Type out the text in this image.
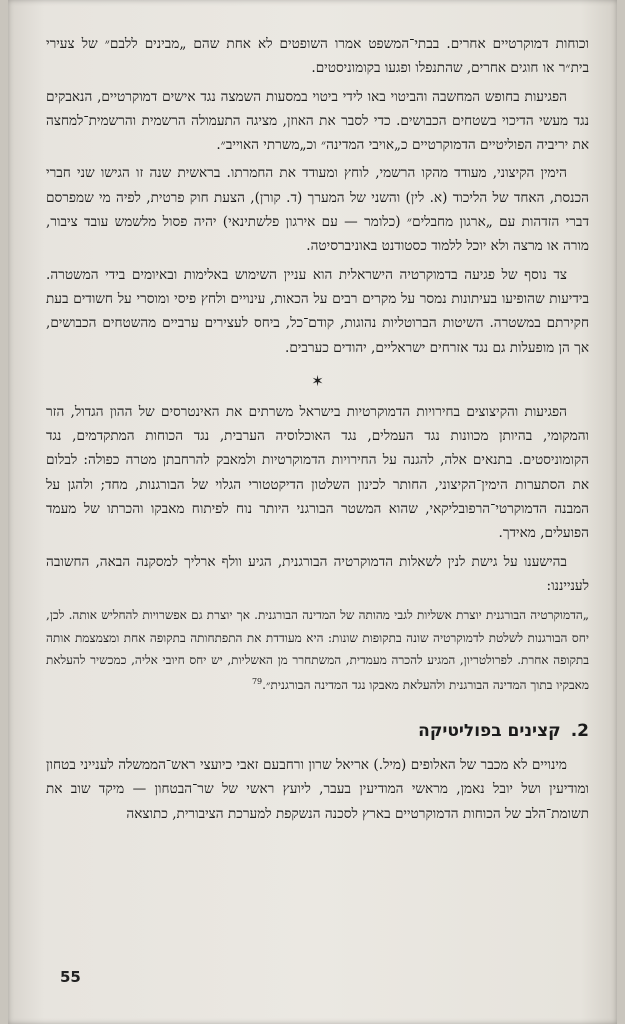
וכוחות דמוקרטיים אחרים. בבתי־המשפט אמרו השופטים לא אחת שהם „מבינים ללבם״ של צעירי בית״ר או חוגים אחרים, שהתנפלו ופגעו בקומוניסטים.

הפגיעות בחופש המחשבה והביטוי באו לידי ביטוי במסעות השמצה נגד אישים דמוקרטיים, הנאבקים נגד מעשי הדיכוי בשטחים הכבושים. כדי לסבר את האוזן, מציגה התעמולה הרשמית והרשמית־למחצה את יריביה הפוליטיים הדמוקרטיים כ„אויבי המדינה״ וכ„משרתי האוייב״.

הימין הקיצוני, מעודד מהקו הרשמי, לוחץ ומעודד את החמרתו. בראשית שנה זו הגישו שני חברי הכנסת, האחד של הליכוד (א. לין) והשני של המערך (ד. קורן), הצעת חוק פרטית, לפיה מי שמפרסם דברי הזדהות עם „ארגון מחבלים״ (כלומר — עם אירגון פלשתינאי) יהיה פסול מלשמש עובד ציבור, מורה או מרצה ולא יוכל ללמוד כסטודנט באוניברסיטה.

צד נוסף של פגיעה בדמוקרטיה הישראלית הוא עניין השימוש באלימות ובאיומים בידי המשטרה. בידיעות שהופיעו בעיתונות נמסר על מקרים רבים על הכאות, עינויים ולחץ פיסי ומוסרי על חשודים בעת חקירתם במשטרה. השיטות הברוטליות נהוגות, קודם־כל, ביחס לעצירים ערביים מהשטחים הכבושים, אך הן מופעלות גם נגד אזרחים ישראליים, יהודים כערבים.

✶

הפגיעות והקיצוצים בחירויות הדמוקרטיות בישראל משרתים את האינטרסים של ההון הגדול, הזר והמקומי, בהיותן מכוונות נגד העמלים, נגד האוכלוסיה הערבית, נגד הכוחות המתקדמים, נגד הקומוניסטים. בתנאים אלה, להגנה על החירויות הדמוקרטיות ולמאבק להרחבתן מטרה כפולה: לבלום את הסתערות הימין־הקיצוני, החותר לכינון השלטון הדיקטטורי הגלוי של הבורגנות, מחד; ולהגן על המבנה הדמוקרטי־הרפובליקאי, שהוא המשטר הבורגני היותר נוח לפיתוח מאבקו והכרתו של מעמד הפועלים, מאידך.

בהישענו על גישת לנין לשאלות הדמוקרטיה הבורגנית, הגיע וולף ארליך למסקנה הבאה, החשובה לענייננו:

„הדמוקרטיה הבורגנית יוצרת אשליות לגבי מהותה של המדינה הבורגנית. אך יוצרת גם אפשרויות להחליש אותה. לכן, יחס הבורגנות לשלטת לדמוקרטיה שונה בתקופות שונות: היא מעודדת את התפתחותה בתקופה אחת ומצמצמת אותה בתקופה אחרת. לפרולטריון, המגיע להכרה מעמדית, המשתחרר מן האשליות, יש יחס חיובי אליה, כמכשיר להעלאת מאבקיו בתוך המדינה הבורגנית ולהעלאת מאבקו נגד המדינה הבורגנית״.$^{79}$
2.
קצינים בפוליטיקה

מינויים לא מכבר של האלופים (מיל.) אריאל שרון ורחבעם זאבי כיועצי ראש־הממשלה לענייני בטחון ומודיעין ושל יובל נאמן, מראשי המודיעין בעבר, ליועץ ראשי של שר־הבטחון — מיקד שוב את תשומת־הלב של הכוחות הדמוקרטיים בארץ לסכנה הנשקפת למערכת הציבורית, כתוצאה

55
